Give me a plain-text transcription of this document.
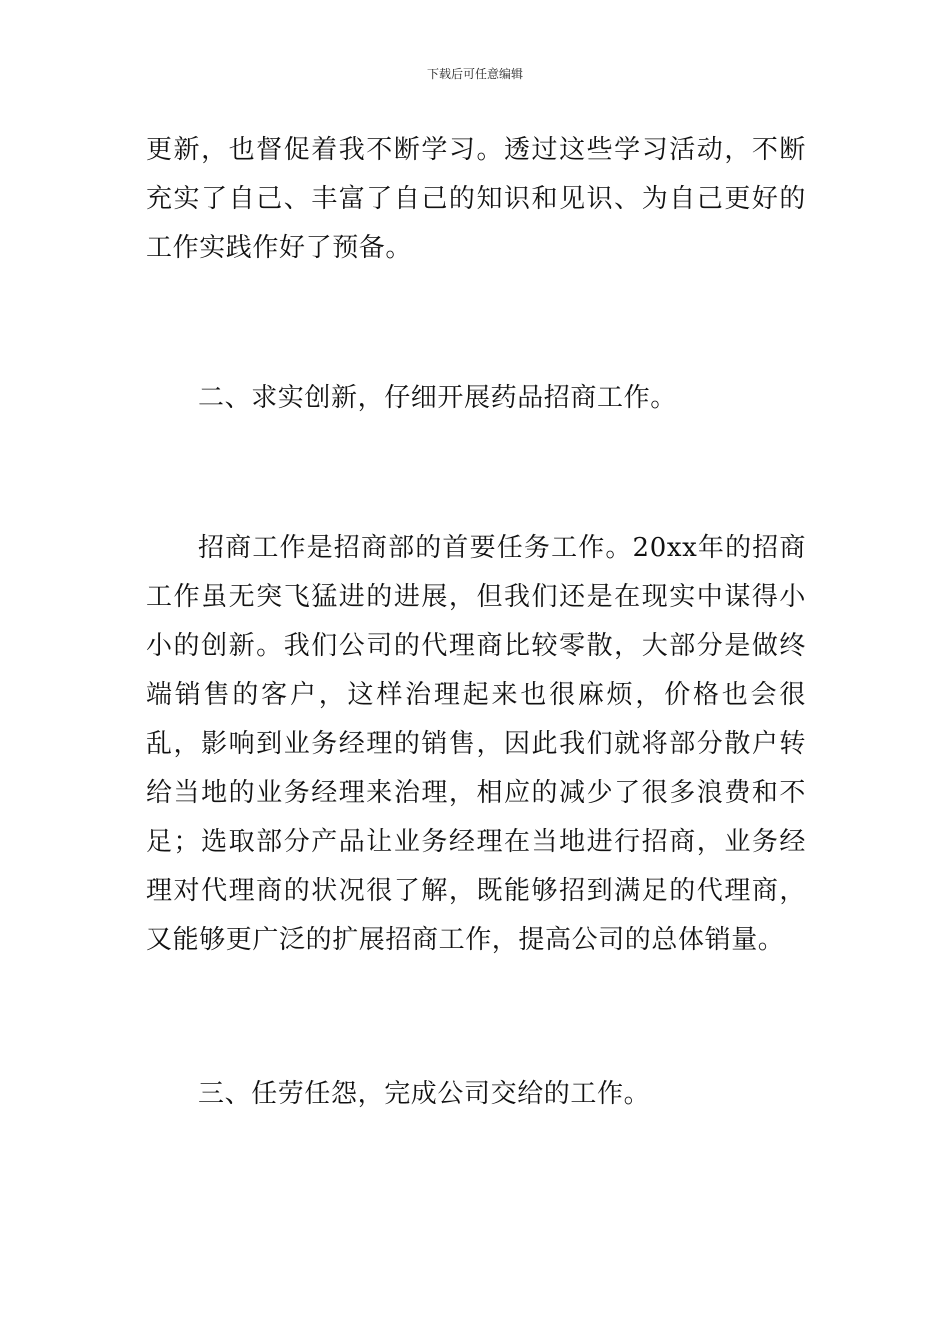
下载后可任意编辑

更新，也督促着我不断学习。透过这些学习活动，不断充实了自己、丰富了自己的知识和见识、为自己更好的工作实践作好了预备。

二、求实创新，仔细开展药品招商工作。

招商工作是招商部的首要任务工作。20xx年的招商工作虽无突飞猛进的进展，但我们还是在现实中谋得小小的创新。我们公司的代理商比较零散，大部分是做终端销售的客户，这样治理起来也很麻烦，价格也会很乱，影响到业务经理的销售，因此我们就将部分散户转给当地的业务经理来治理，相应的减少了很多浪费和不足；选取部分产品让业务经理在当地进行招商，业务经理对代理商的状况很了解，既能够招到满足的代理商，又能够更广泛的扩展招商工作，提高公司的总体销量。

三、任劳任怨，完成公司交给的工作。
